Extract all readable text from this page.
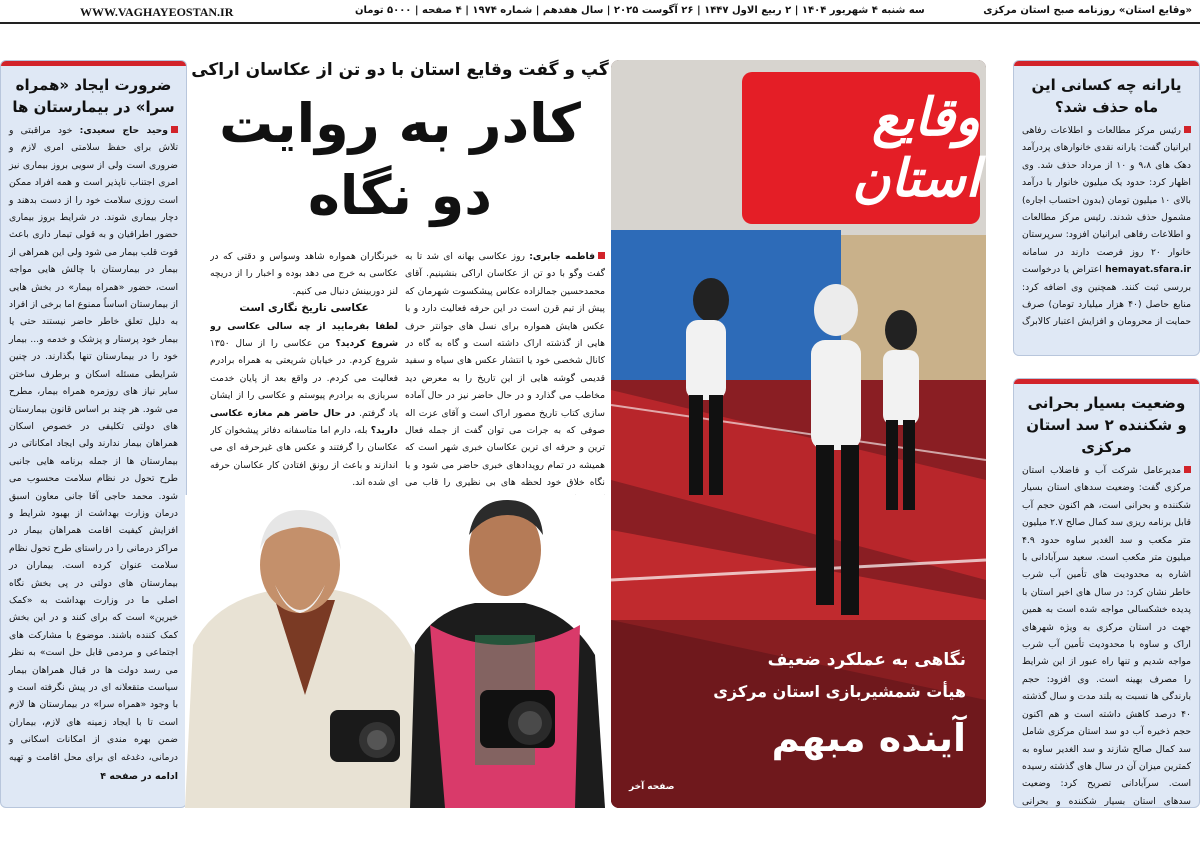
WWW.VAGHAYEOSTAN.IR	سه شنبه ۴ شهریور ۱۴۰۴ | ۲ ربیع الاول ۱۴۴۷ | ۲۶ آگوست ۲۰۲۵ | سال هفدهم | شماره ۱۹۷۴ | ۴ صفحه | ۵۰۰۰ تومان	«وقایع استان» روزنامه صبح استان مرکزی
ضرورت ایجاد «همراه سرا» در بیمارستان ها
وحید حاج سعیدی: خود مراقبتی و تلاش برای حفظ سلامتی امری لازم و ضروری است ولی از سویی بروز بیماری نیز امری اجتناب ناپذیر است و همه افراد ممکن است روزی سلامت خود را از دست بدهند و دچار بیماری شوند. در شرایط بروز بیماری حضور اطرافیان و به قولی تیمار داری باعث قوت قلب بیمار می شود ولی این همراهی از بیمار در بیمارستان با چالش هایی مواجه است، حضور «همراه بیمار» در بخش هایی از بیمارستان اساساً ممنوع اما برخی از افراد به دلیل تعلق خاطر حاضر نیستند حتی یا بیمار خود پرستار و پزشک و خدمه و... بیمار خود را در بیمارستان تنها بگذارند. در چنین شرایطی مسئله اسکان و برطرف ساختن سایر نیاز های روزمره همراه بیمار، مطرح می شود. هر چند بر اساس قانون بیمارستان های دولتی تکلیفی در خصوص اسکان همراهان بیمار ندارند ولی ایجاد امکاناتی در بیمارستان ها از جمله برنامه هایی جانبی طرح تحول در نظام سلامت محسوب می شود. محمد حاجی آقا جانی معاون اسبق درمان وزارت بهداشت از بهبود شرایط و افزایش کیفیت اقامت همراهان بیمار در مراکز درمانی را در راستای طرح تحول نظام سلامت عنوان کرده است. بیماران در بیمارستان های دولتی در پی بخش نگاه اصلی ما در وزارت بهداشت به «کمک خیرین» است که برای کنند و در این بخش کمک کننده باشند. موضوع با مشارکت های اجتماعی و مردمی قابل حل است» به نظر می رسد دولت ها در قبال همراهان بیمار سیاست متقعلانه ای در پیش نگرفته است و با وجود «همراه سرا» در بیمارستان ها لازم است تا با ایجاد زمینه های لازم، بیماران ضمن بهره مندی از امکانات اسکانی و درمانی، دغدغه ای برای محل اقامت و تهیه
ادامه در صفحه ۴

گپ و گفت وقایع استان با دو تن از عکاسان اراکی

کادر به روایت
دو نگاه

فاطمه جابری: روز عکاسی بهانه ای شد تا به گفت وگو با دو تن از عکاسان اراکی بنشینیم. آقای محمدحسین جمالزاده عکاس پیشکسوت شهرمان که پیش از تیم قرن است در این حرفه فعالیت دارد و با عکس هایش همواره برای نسل های جوانتر حرف هایی از گذشته اراک داشته است و گاه به گاه در کانال شخصی خود یا انتشار عکس های سیاه و سفید قدیمی گوشه هایی از این تاریخ را به معرض دید مخاطب می گذارد و در حال حاضر نیز در حال آماده سازی کتاب تاریخ مصور اراک است و آقای عزت اله صوفی که به جرات می توان گفت از جمله فعال ترین و حرفه ای ترین عکاسان خبری شهر است که همیشه در تمام رویدادهای خبری حاضر می شود و با نگاه خلاق خود لحظه های بی نظیری را قاب می
خبرنگاران همواره شاهد وسواس و دقتی که در عکاسی به خرج می دهد بوده و اخبار را از دریچه لنز دوربینش دنبال می کنیم.
عکاسی تاریخ نگاری است
لطفا بفرمایید از چه سالی عکاسی رو شروع کردید؟ من عکاسی را از سال ۱۳۵۰ شروع کردم. در خیابان شریعتی به همراه برادرم فعالیت می کردم. در واقع بعد از پایان خدمت سربازی به برادرم پیوستم و عکاسی را از ایشان یاد گرفتم. در حال حاضر هم مغازه عکاسی دارید؟ بله، دارم اما متاسفانه دفاتر پیشخوان کار عکاسان را گرفتند و عکس های غیرحرفه ای می اندازند و باعث از رونق افتادن کار عکاسان حرفه ای شده اند.
وقایع استان
نگاهی به عملکرد ضعیف
هیأت شمشیربازی استان مرکزی
آینده مبهم
صفحه آخر
یارانه چه کسانی این ماه حذف شد؟
رئیس مرکز مطالعات و اطلاعات رفاهی ایرانیان گفت: یارانه نقدی خانوارهای پردرآمد دهک های ۹،۸ و ۱۰ از مرداد حذف شد. وی اظهار کرد: حدود یک میلیون خانوار با درآمد بالای ۱۰ میلیون تومان (بدون احتساب اجاره) مشمول حذف شدند. رئیس مرکز مطالعات و اطلاعات رفاهی ایرانیان افزود: سرپرستان خانوار ۲۰ روز فرصت دارند در سامانه hemayat.sfara.ir اعتراض یا درخواست بررسی ثبت کنند. همچنین وی اضافه کرد: منابع حاصل (۴۰ هزار میلیارد تومان) صرف حمایت از محرومان و افزایش اعتبار کالابرگ
وضعیت بسیار بحرانی و شکننده ۲ سد استان مرکزی
مدیرعامل شرکت آب و فاضلاب استان مرکزی گفت: وضعیت سدهای استان بسیار شکننده و بحرانی است، هم اکنون حجم آب قابل برنامه ریزی سد کمال صالح ۲.۷ میلیون متر مکعب و سد الغدیر ساوه حدود ۴.۹ میلیون متر مکعب است. سعید سرآبادانی با اشاره به محدودیت های تأمین آب شرب خاطر نشان کرد: در سال های اخیر استان با پدیده خشکسالی مواجه شده است به همین جهت در استان مرکزی به ویژه شهرهای اراک و ساوه با محدودیت تأمین آب شرب مواجه شدیم و تنها راه عبور از این شرایط را مصرف بهینه است. وی افزود: حجم بارندگی ها نسبت به بلند مدت و سال گذشته ۴۰ درصد کاهش داشته است و هم اکنون حجم ذخیره آب دو سد استان مرکزی شامل سد کمال صالح شازند و سد الغدیر ساوه به کمترین میزان آن در سال های گذشته رسیده است. سرآبادانی تصریح کرد: وضعیت سدهای استان بسیار شکننده و بحرانی
